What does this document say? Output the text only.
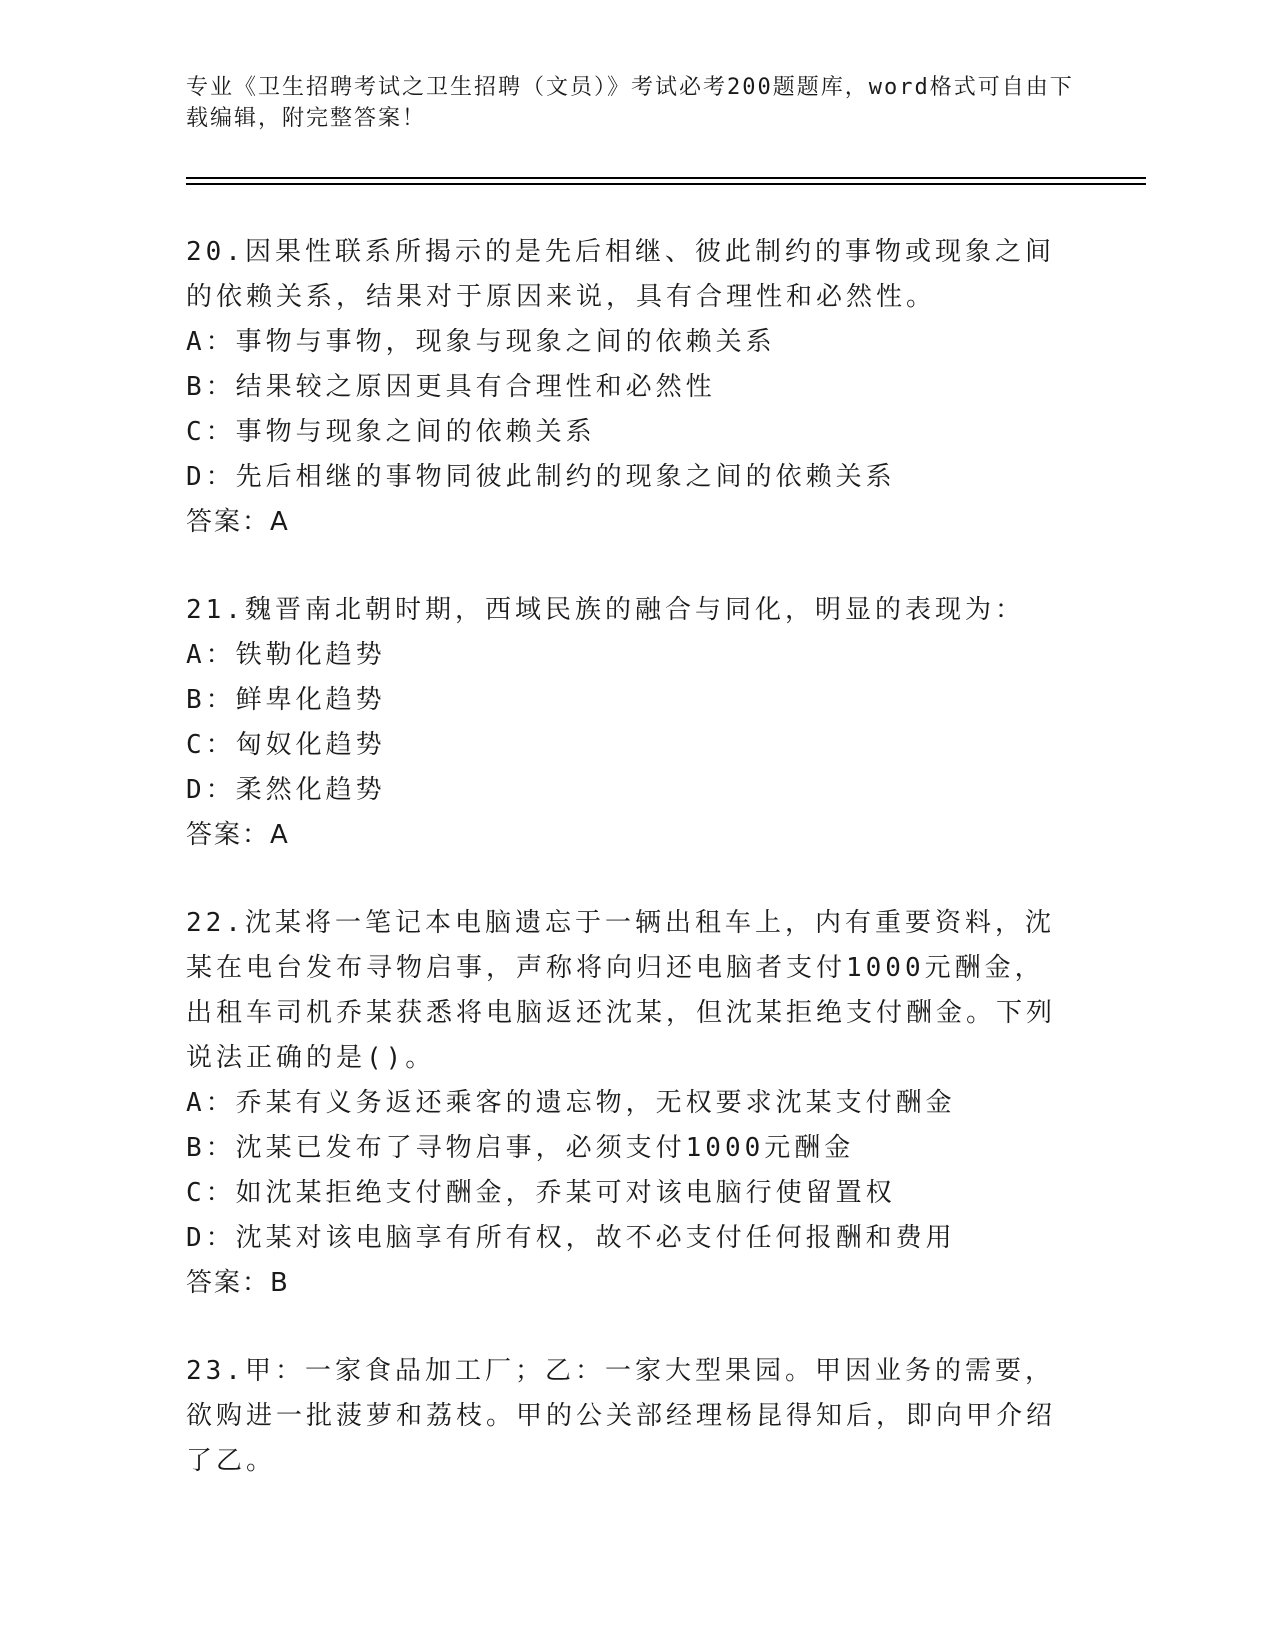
专业《卫生招聘考试之卫生招聘（文员）》考试必考200题题库，word格式可自由下载编辑，附完整答案！

20.因果性联系所揭示的是先后相继、彼此制约的事物或现象之间的依赖关系，结果对于原因来说，具有合理性和必然性。

A：事物与事物，现象与现象之间的依赖关系

B：结果较之原因更具有合理性和必然性

C：事物与现象之间的依赖关系

D：先后相继的事物同彼此制约的现象之间的依赖关系

答案：A

21.魏晋南北朝时期，西域民族的融合与同化，明显的表现为：

A：铁勒化趋势

B：鲜卑化趋势

C：匈奴化趋势

D：柔然化趋势

答案：A

22.沈某将一笔记本电脑遗忘于一辆出租车上，内有重要资料，沈某在电台发布寻物启事，声称将向归还电脑者支付1000元酬金，出租车司机乔某获悉将电脑返还沈某，但沈某拒绝支付酬金。下列说法正确的是()。

A：乔某有义务返还乘客的遗忘物，无权要求沈某支付酬金

B：沈某已发布了寻物启事，必须支付1000元酬金

C：如沈某拒绝支付酬金，乔某可对该电脑行使留置权

D：沈某对该电脑享有所有权，故不必支付任何报酬和费用

答案：B

23.甲：一家食品加工厂；乙：一家大型果园。甲因业务的需要，欲购进一批菠萝和荔枝。甲的公关部经理杨昆得知后，即向甲介绍了乙。
